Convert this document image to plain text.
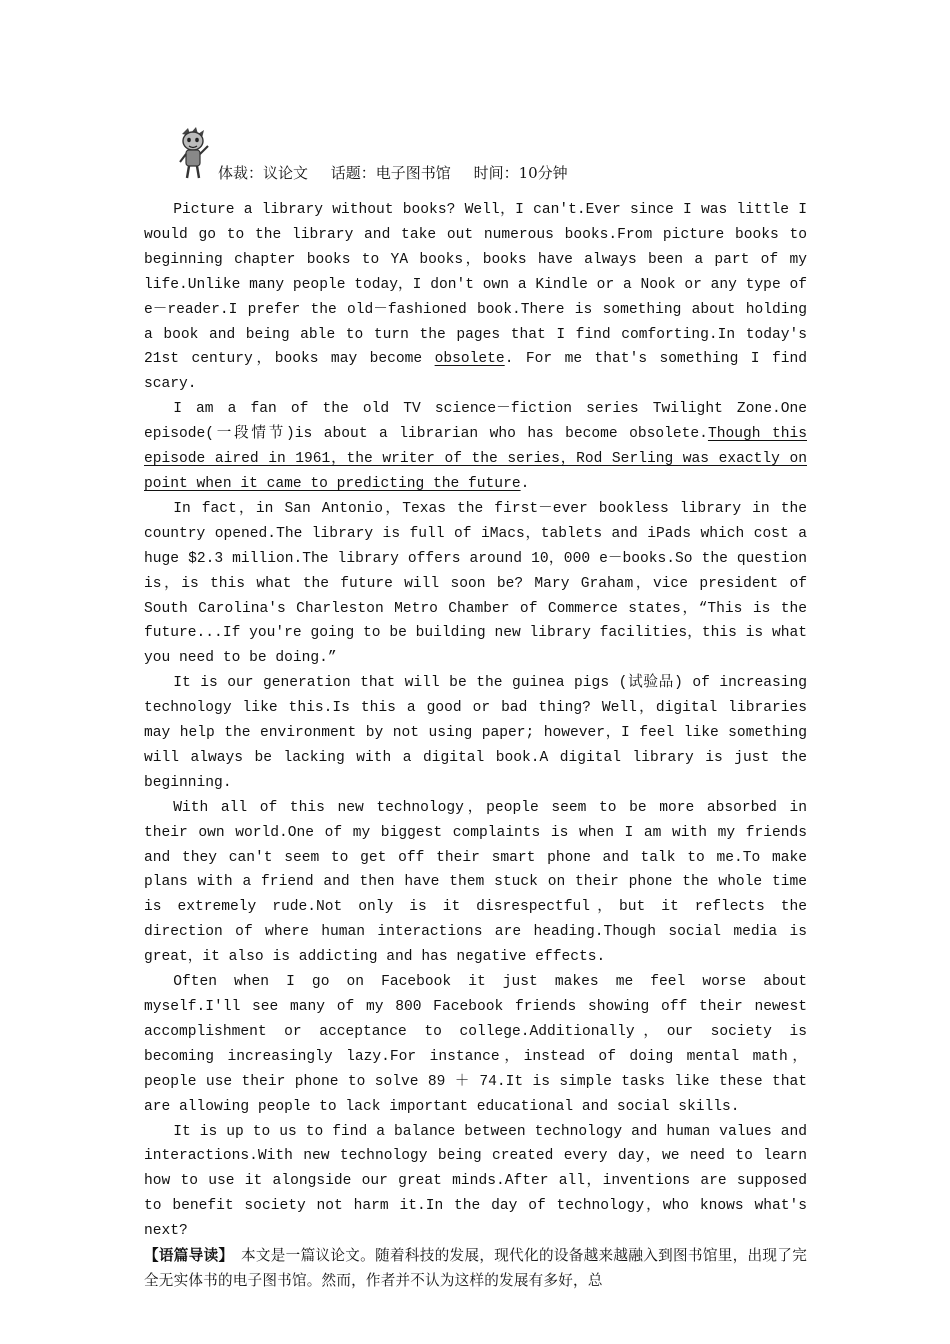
体裁：议论文 话题：电子图书馆 时间：10分钟

Picture a library without books? Well，I can't.Ever since I was little I would go to the library and take out numerous books.From picture books to beginning chapter books to YA books，books have always been a part of my life.Unlike many people today，I don't own a Kindle or a Nook or any type of e－reader.I prefer the old－fashioned book.There is something about holding a book and being able to turn the pages that I find comforting.In today's 21st century，books may become obsolete. For me that's something I find scary.

I am a fan of the old TV science－fiction series Twilight Zone.One episode(一段情节)is about a librarian who has become obsolete.Though this episode aired in 1961，the writer of the series，Rod Serling was exactly on point when it came to predicting the future.

In fact，in San Antonio，Texas the first－ever bookless library in the country opened.The library is full of iMacs，tablets and iPads which cost a huge $2.3 million.The library offers around 10，000 e－books.So the question is，is this what the future will soon be? Mary Graham，vice president of South Carolina's Charleston Metro Chamber of Commerce states，“This is the future...If you're going to be building new library facilities，this is what you need to be doing.”

It is our generation that will be the guinea pigs (试验品) of increasing technology like this.Is this a good or bad thing? Well，digital libraries may help the environment by not using paper; however，I feel like something will always be lacking with a digital book.A digital library is just the beginning.

With all of this new technology，people seem to be more absorbed in their own world.One of my biggest complaints is when I am with my friends and they can't seem to get off their smart phone and talk to me.To make plans with a friend and then have them stuck on their phone the whole time is extremely rude.Not only is it disrespectful，but it reflects the direction of where human interactions are heading.Though social media is great，it also is addicting and has negative effects.

Often when I go on Facebook it just makes me feel worse about myself.I'll see many of my 800 Facebook friends showing off their newest accomplishment or acceptance to college.Additionally，our society is becoming increasingly lazy.For instance，instead of doing mental math，people use their phone to solve 89 ＋ 74.It is simple tasks like these that are allowing people to lack important educational and social skills.

It is up to us to find a balance between technology and human values and interactions.With new technology being created every day，we need to learn how to use it alongside our great minds.After all，inventions are supposed to benefit society not harm it.In the day of technology，who knows what's next?

【语篇导读】　本文是一篇议论文。随着科技的发展，现代化的设备越来越融入到图书馆里，出现了完全无实体书的电子图书馆。然而，作者并不认为这样的发展有多好，总
